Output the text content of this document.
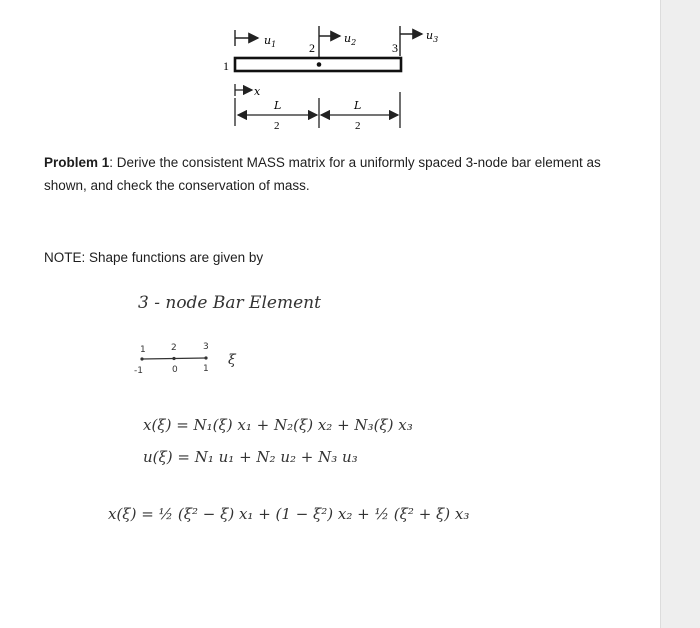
$u_1$	$u_2$
$u_3$
1
2	3
x
L
2
L
2

Problem 1: Derive the consistent MASS matrix for a uniformly spaced 3-node bar element as shown, and check the conservation of mass.

NOTE: Shape functions are given by

3 - node Bar Element
1	2	3
-1	0	1
ξ
x(ξ) = N₁(ξ) x₁ + N₂(ξ) x₂ + N₃(ξ) x₃
u(ξ) = N₁ u₁ + N₂ u₂ + N₃ u₃
x(ξ) = ½ (ξ² − ξ) x₁ + (1 − ξ²) x₂ + ½ (ξ² + ξ) x₃
